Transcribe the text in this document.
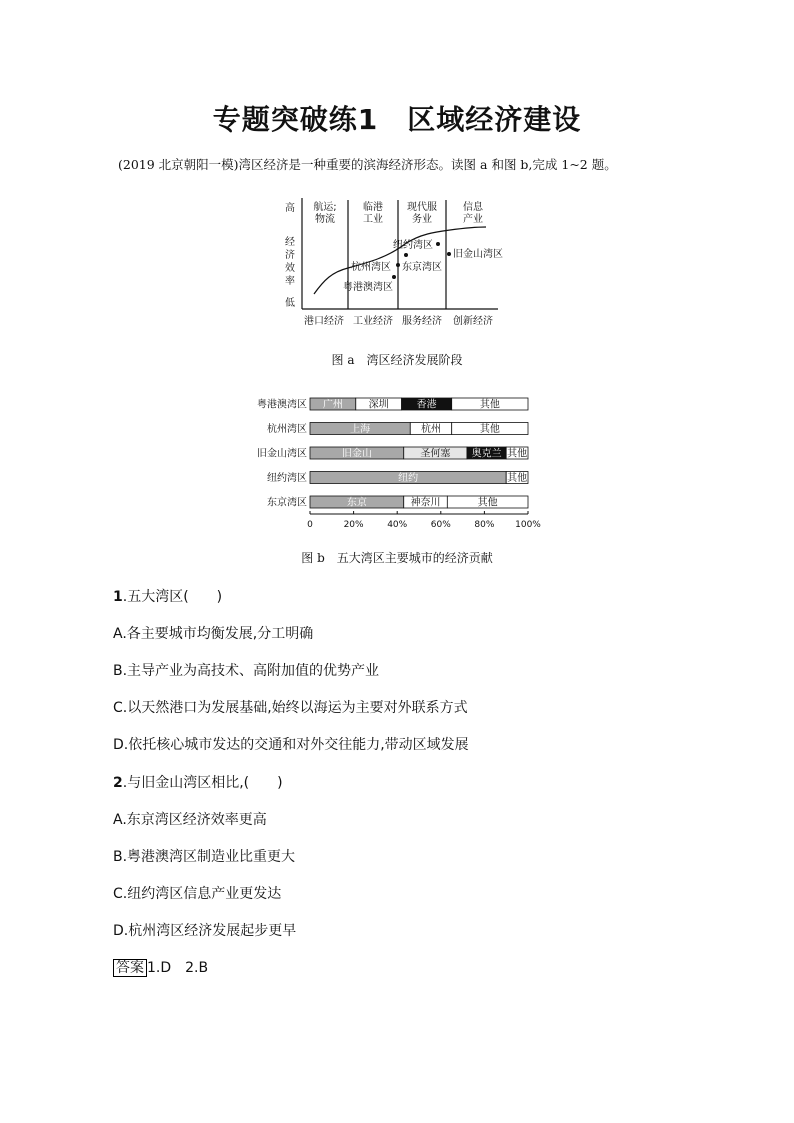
专题突破练1　区域经济建设
(2019 北京朝阳一模)湾区经济是一种重要的滨海经济形态。读图 a 和图 b,完成 1~2 题。
高
经
济
效
率
低
航运;
物流
临港
工业
现代服
务业
信息
产业
港口经济 工业经济 服务经济 创新经济
纽约湾区
旧金山湾区
杭州湾区 东京湾区
粤港澳湾区
图 a　湾区经济发展阶段
0	20%	40%	60%	80% 100%
粤港澳湾区 广州	深圳	香港	其他
杭州湾区	上海	杭州	其他
旧金山湾区	旧金山	圣何塞 奥克兰 其他
纽约湾区	纽约	其他
东京湾区	东京	神奈川	其他
图 b　五大湾区主要城市的经济贡献
1.五大湾区(　　)
A.各主要城市均衡发展,分工明确
B.主导产业为高技术、高附加值的优势产业
C.以天然港口为发展基础,始终以海运为主要对外联系方式
D.依托核心城市发达的交通和对外交往能力,带动区域发展
2.与旧金山湾区相比,(　　)
A.东京湾区经济效率更高
B.粤港澳湾区制造业比重更大
C.纽约湾区信息产业更发达
D.杭州湾区经济发展起步更早
答案 1.D　2.B
